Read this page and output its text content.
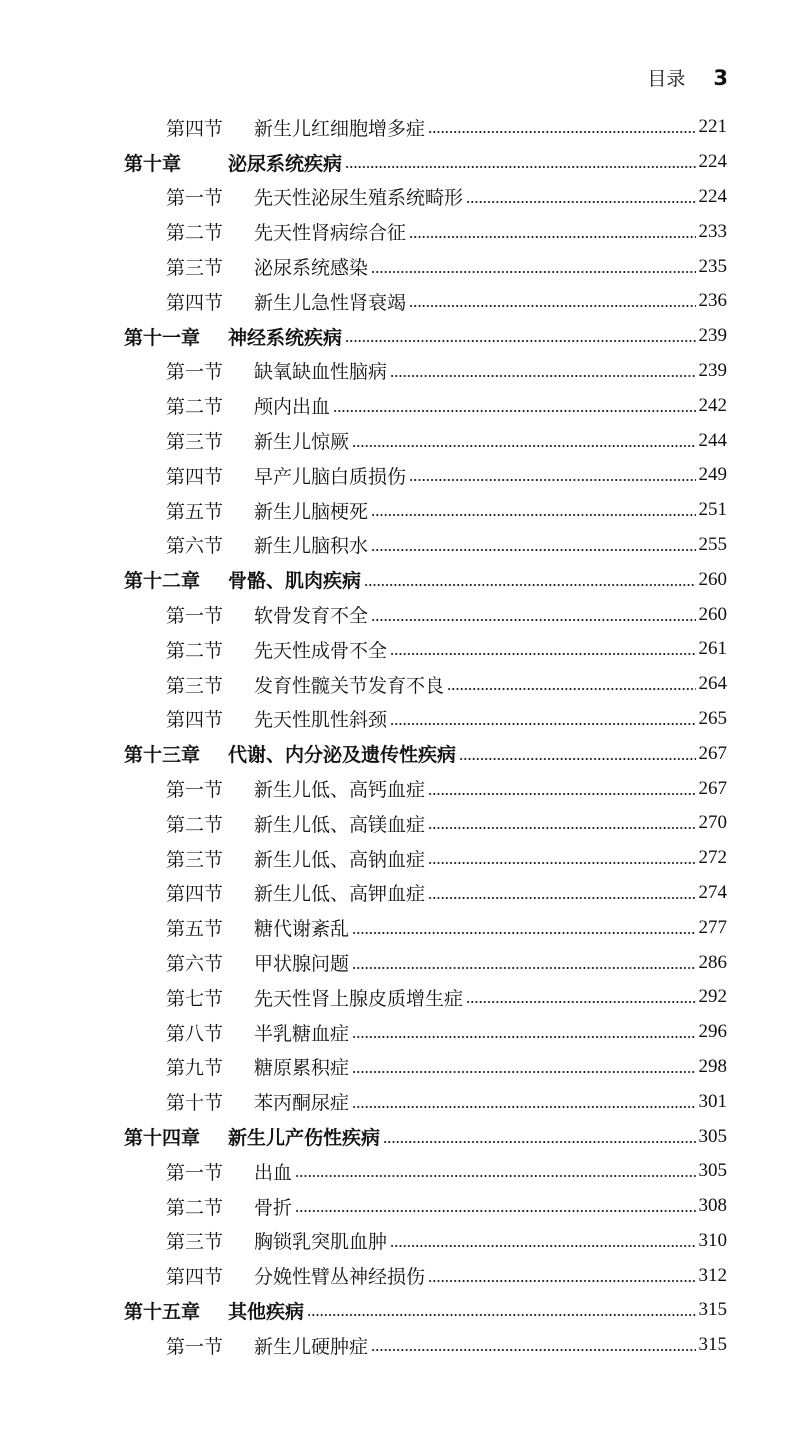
目录 3
第四节	新生儿红细胞增多症	221
第十章	泌尿系统疾病	224
第一节	先天性泌尿生殖系统畸形	224
第二节	先天性肾病综合征	233
第三节	泌尿系统感染	235
第四节	新生儿急性肾衰竭	236
第十一章	神经系统疾病	239
第一节	缺氧缺血性脑病	239
第二节	颅内出血	242
第三节	新生儿惊厥	244
第四节	早产儿脑白质损伤	249
第五节	新生儿脑梗死	251
第六节	新生儿脑积水	255
第十二章	骨骼、肌肉疾病	260
第一节	软骨发育不全	260
第二节	先天性成骨不全	261
第三节	发育性髋关节发育不良	264
第四节	先天性肌性斜颈	265
第十三章	代谢、内分泌及遗传性疾病	267
第一节	新生儿低、高钙血症	267
第二节	新生儿低、高镁血症	270
第三节	新生儿低、高钠血症	272
第四节	新生儿低、高钾血症	274
第五节	糖代谢紊乱	277
第六节	甲状腺问题	286
第七节	先天性肾上腺皮质增生症	292
第八节	半乳糖血症	296
第九节	糖原累积症	298
第十节	苯丙酮尿症	301
第十四章	新生儿产伤性疾病	305
第一节	出血	305
第二节	骨折	308
第三节	胸锁乳突肌血肿	310
第四节	分娩性臂丛神经损伤	312
第十五章	其他疾病	315
第一节	新生儿硬肿症	315
